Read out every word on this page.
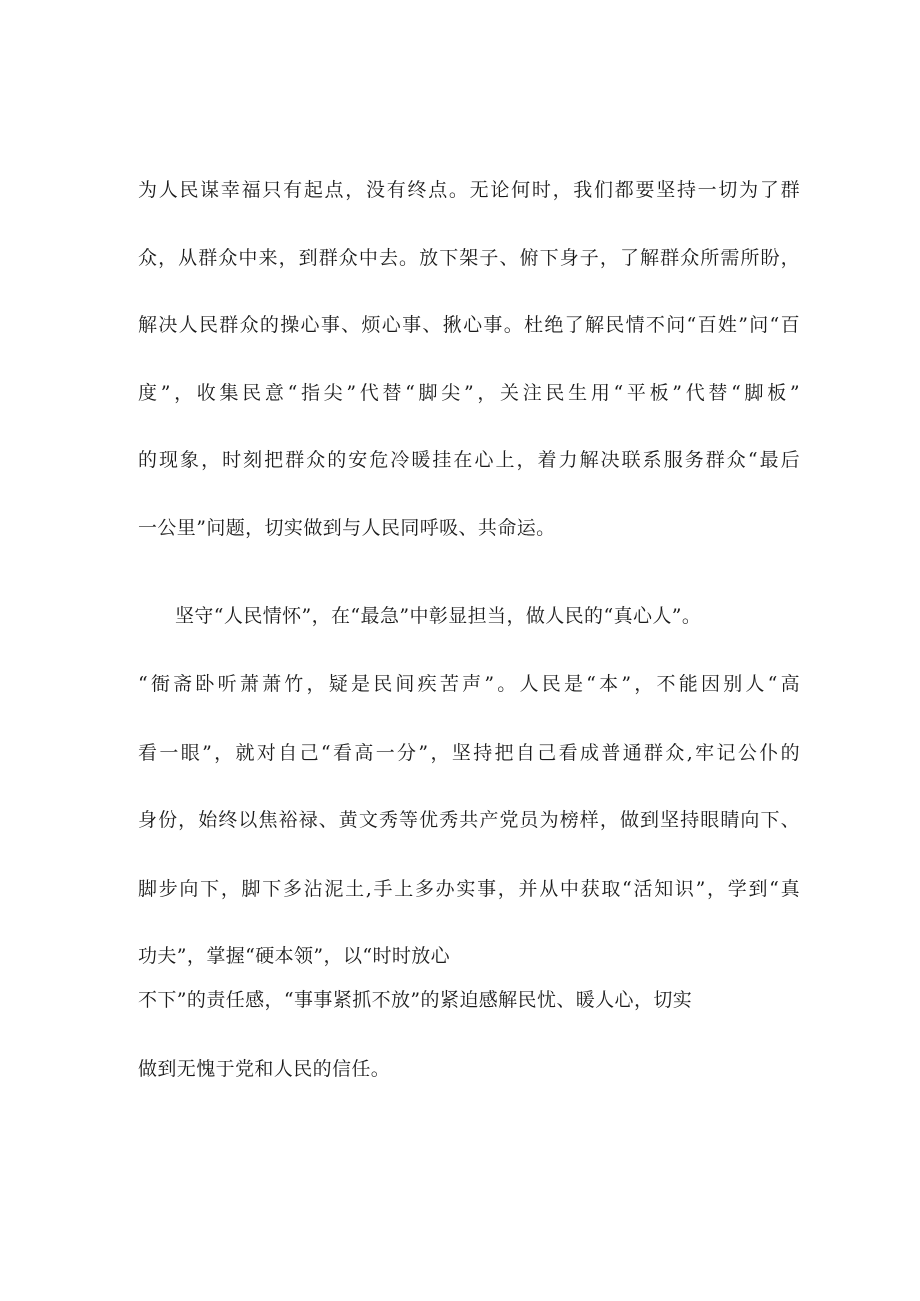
为人民谋幸福只有起点，没有终点。无论何时，我们都要坚持一切为了群
众，从群众中来，到群众中去。放下架子、俯下身子，了解群众所需所盼，
解决人民群众的操心事、烦心事、揪心事。杜绝了解民情不问“百姓”问“百
度”，收集民意“指尖”代替“脚尖”，关注民生用“平板”代替“脚板”
的现象，时刻把群众的安危冷暖挂在心上，着力解决联系服务群众“最后
一公里”问题，切实做到与人民同呼吸、共命运。
坚守“人民情怀”，在“最急”中彰显担当，做人民的“真心人”。
“衙斋卧听萧萧竹，疑是民间疾苦声”。人民是“本”，不能因别人“高
看一眼”，就对自己“看高一分”，坚持把自己看成普通群众,牢记公仆的
身份，始终以焦裕禄、黄文秀等优秀共产党员为榜样，做到坚持眼睛向下、
脚步向下，脚下多沾泥土,手上多办实事，并从中获取“活知识”，学到“真
功夫”，掌握“硬本领”，以“时时放心
不下”的责任感，“事事紧抓不放”的紧迫感解民忧、暖人心，切实
做到无愧于党和人民的信任。
